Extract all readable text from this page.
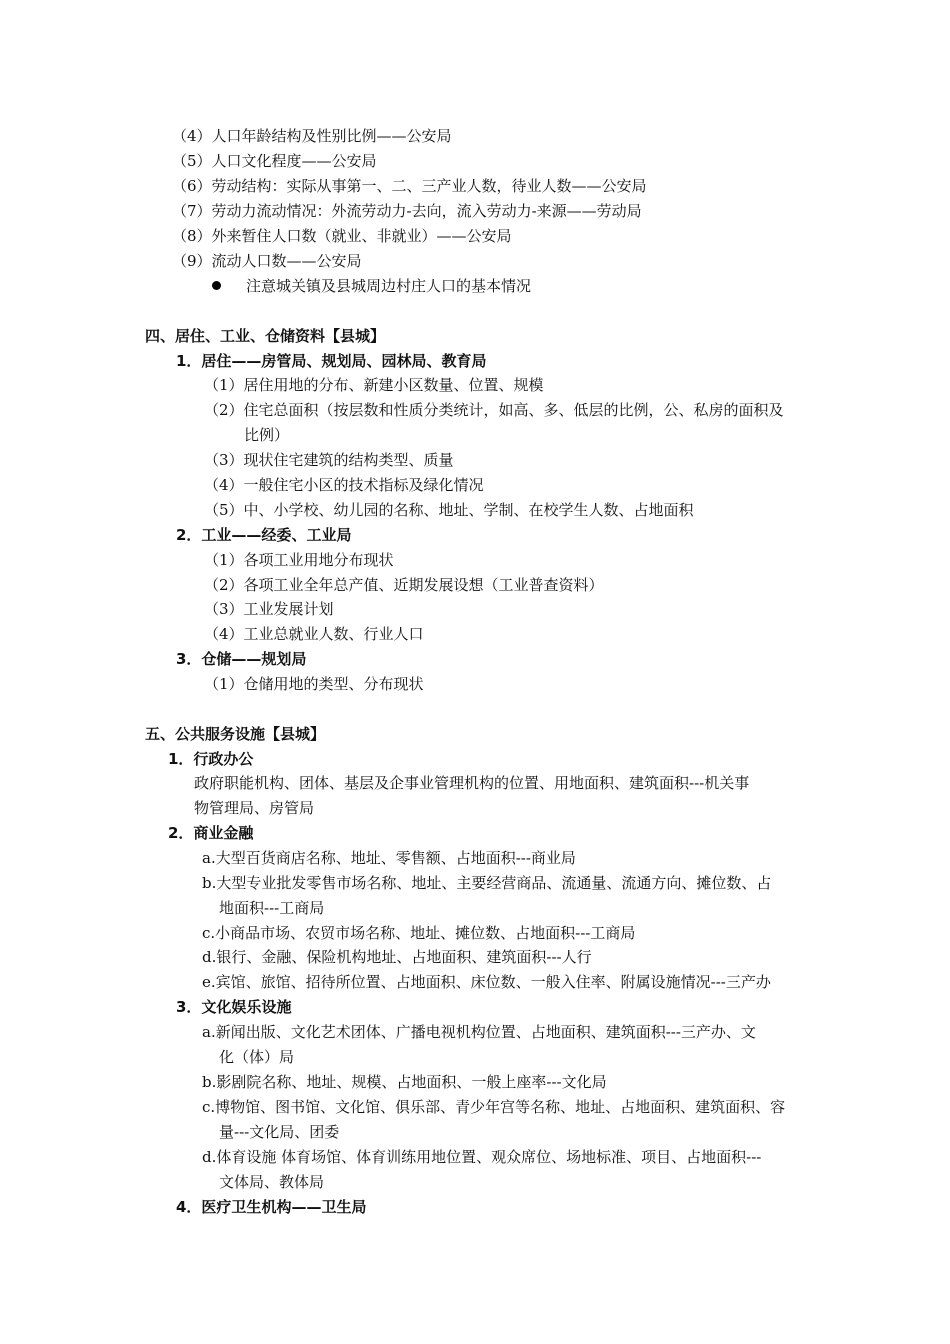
（4）人口年龄结构及性别比例——公安局
（5）人口文化程度——公安局
（6）劳动结构：实际从事第一、二、三产业人数，待业人数——公安局
（7）劳动力流动情况：外流劳动力-去向，流入劳动力-来源——劳动局
（8）外来暂住人口数（就业、非就业）——公安局
（9）流动人口数——公安局
注意城关镇及县城周边村庄人口的基本情况
四、居住、工业、仓储资料【县城】
1．居住——房管局、规划局、园林局、教育局
（1）居住用地的分布、新建小区数量、位置、规模
（2）住宅总面积（按层数和性质分类统计，如高、多、低层的比例，公、私房的面积及
比例）
（3）现状住宅建筑的结构类型、质量
（4）一般住宅小区的技术指标及绿化情况
（5）中、小学校、幼儿园的名称、地址、学制、在校学生人数、占地面积
2．工业——经委、工业局
（1）各项工业用地分布现状
（2）各项工业全年总产值、近期发展设想（工业普查资料）
（3）工业发展计划
（4）工业总就业人数、行业人口
3．仓储——规划局
（1）仓储用地的类型、分布现状
五、公共服务设施【县城】
1．行政办公
政府职能机构、团体、基层及企事业管理机构的位置、用地面积、建筑面积---机关事
物管理局、房管局
2．商业金融
a.大型百货商店名称、地址、零售额、占地面积---商业局
b.大型专业批发零售市场名称、地址、主要经营商品、流通量、流通方向、摊位数、占
地面积---工商局
c.小商品市场、农贸市场名称、地址、摊位数、占地面积---工商局
d.银行、金融、保险机构地址、占地面积、建筑面积---人行
e.宾馆、旅馆、招待所位置、占地面积、床位数、一般入住率、附属设施情况---三产办
3．文化娱乐设施
a.新闻出版、文化艺术团体、广播电视机构位置、占地面积、建筑面积---三产办、文
化（体）局
b.影剧院名称、地址、规模、占地面积、一般上座率---文化局
c.博物馆、图书馆、文化馆、俱乐部、青少年宫等名称、地址、占地面积、建筑面积、容
量---文化局、团委
d.体育设施 体育场馆、体育训练用地位置、观众席位、场地标准、项目、占地面积---
文体局、教体局
4．医疗卫生机构——卫生局
